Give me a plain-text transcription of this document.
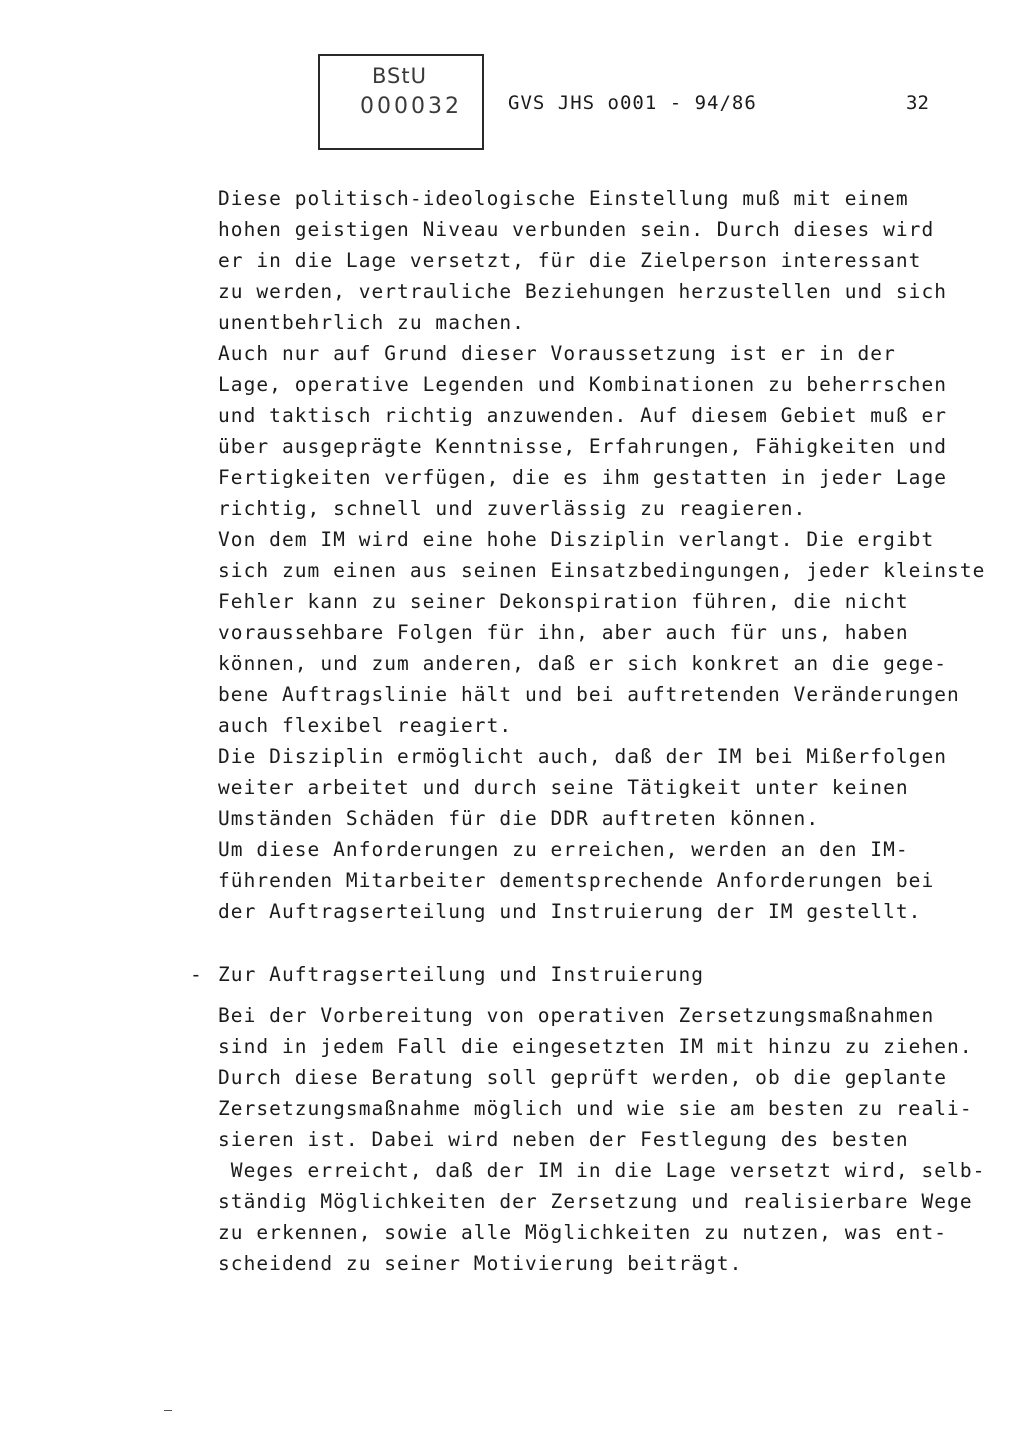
BStU
000032 GVS JHS o001 - 94/86	32
Diese politisch-ideologische Einstellung muß mit einem
hohen geistigen Niveau verbunden sein. Durch dieses wird
er in die Lage versetzt, für die Zielperson interessant
zu werden, vertrauliche Beziehungen herzustellen und sich
unentbehrlich zu machen.
Auch nur auf Grund dieser Voraussetzung ist er in der
Lage, operative Legenden und Kombinationen zu beherrschen
und taktisch richtig anzuwenden. Auf diesem Gebiet muß er
über ausgeprägte Kenntnisse, Erfahrungen, Fähigkeiten und
Fertigkeiten verfügen, die es ihm gestatten in jeder Lage
richtig, schnell und zuverlässig zu reagieren.
Von dem IM wird eine hohe Disziplin verlangt. Die ergibt
sich zum einen aus seinen Einsatzbedingungen, jeder kleinste
Fehler kann zu seiner Dekonspiration führen, die nicht
voraussehbare Folgen für ihn, aber auch für uns, haben
können, und zum anderen, daß er sich konkret an die gege-
bene Auftragslinie hält und bei auftretenden Veränderungen
auch flexibel reagiert.
Die Disziplin ermöglicht auch, daß der IM bei Mißerfolgen
weiter arbeitet und durch seine Tätigkeit unter keinen
Umständen Schäden für die DDR auftreten können.
Um diese Anforderungen zu erreichen, werden an den IM-
führenden Mitarbeiter dementsprechende Anforderungen bei
der Auftragserteilung und Instruierung der IM gestellt.
- Zur Auftragserteilung und Instruierung
Bei der Vorbereitung von operativen Zersetzungsmaßnahmen
sind in jedem Fall die eingesetzten IM mit hinzu zu ziehen.
Durch diese Beratung soll geprüft werden, ob die geplante
Zersetzungsmaßnahme möglich und wie sie am besten zu reali-
sieren ist. Dabei wird neben der Festlegung des besten
Weges erreicht, daß der IM in die Lage versetzt wird, selb-
ständig Möglichkeiten der Zersetzung und realisierbare Wege
zu erkennen, sowie alle Möglichkeiten zu nutzen, was ent-
scheidend zu seiner Motivierung beiträgt.
